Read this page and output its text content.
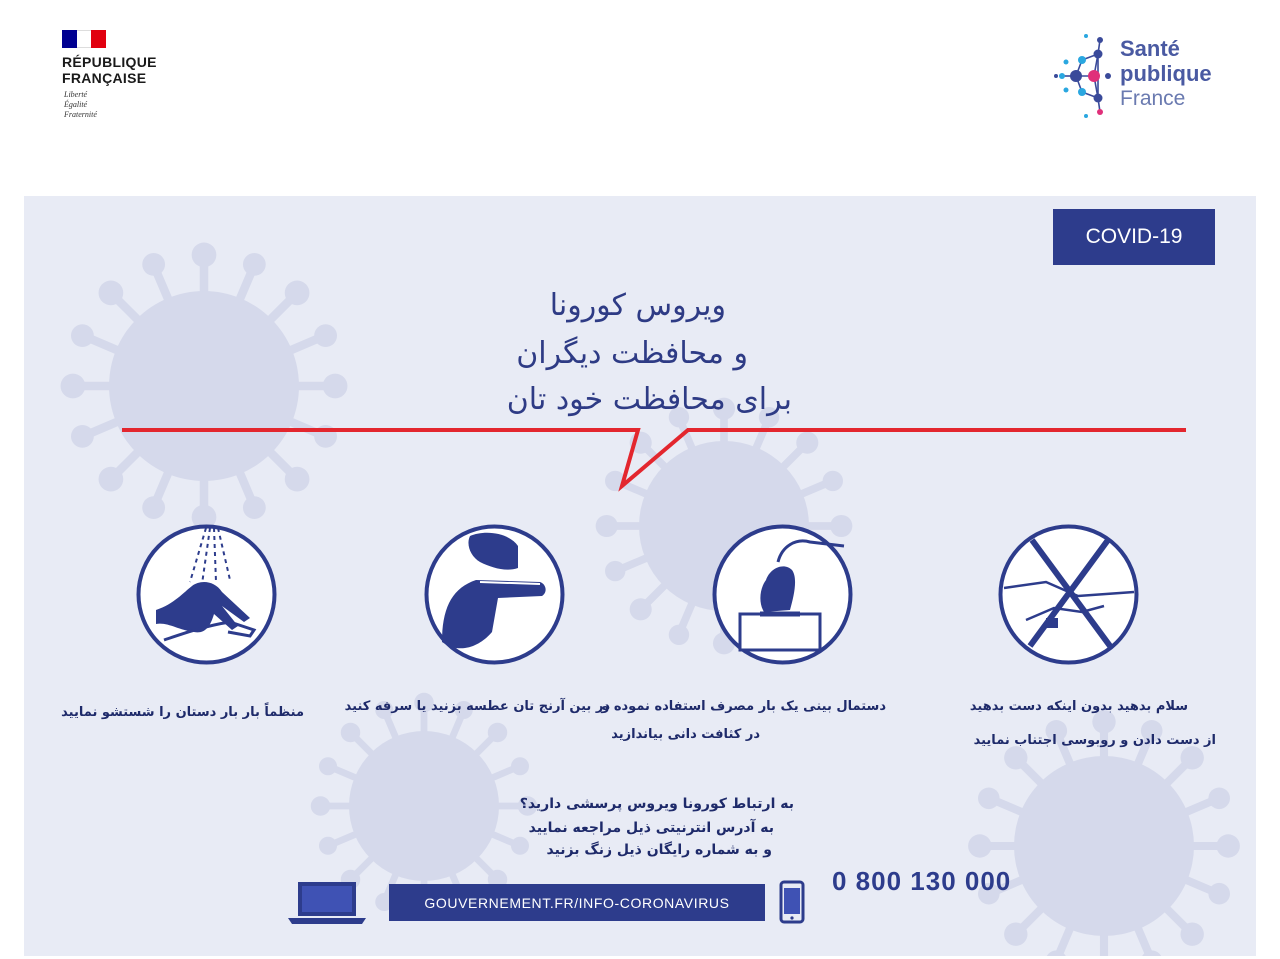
RÉPUBLIQUE
FRANÇAISE
Liberté
Égalité
Fraternité
Santé
publique
France
COVID-19
ویروس کورونا
و محافظت دیگران
برای محافظت خود تان
منظماً بار بار دستان را شستشو نمایید	در بین آرنج تان عطسه بزنید یا سرفه کنید
دستمال بینی یک بار مصرف استفاده نموده و
در کثافت دانی بیاندازید
سلام بدهید بدون اینکه دست بدهید
از دست دادن و روبوسی اجتناب نمایید
به ارتباط کورونا ویروس پرسشی دارید؟
به آدرس انترنیتی ذیل مراجعه نمایید
و به شماره رایگان ذیل زنگ بزنید
GOUVERNEMENT.FR/INFO-CORONAVIRUS
0 800 130 000
